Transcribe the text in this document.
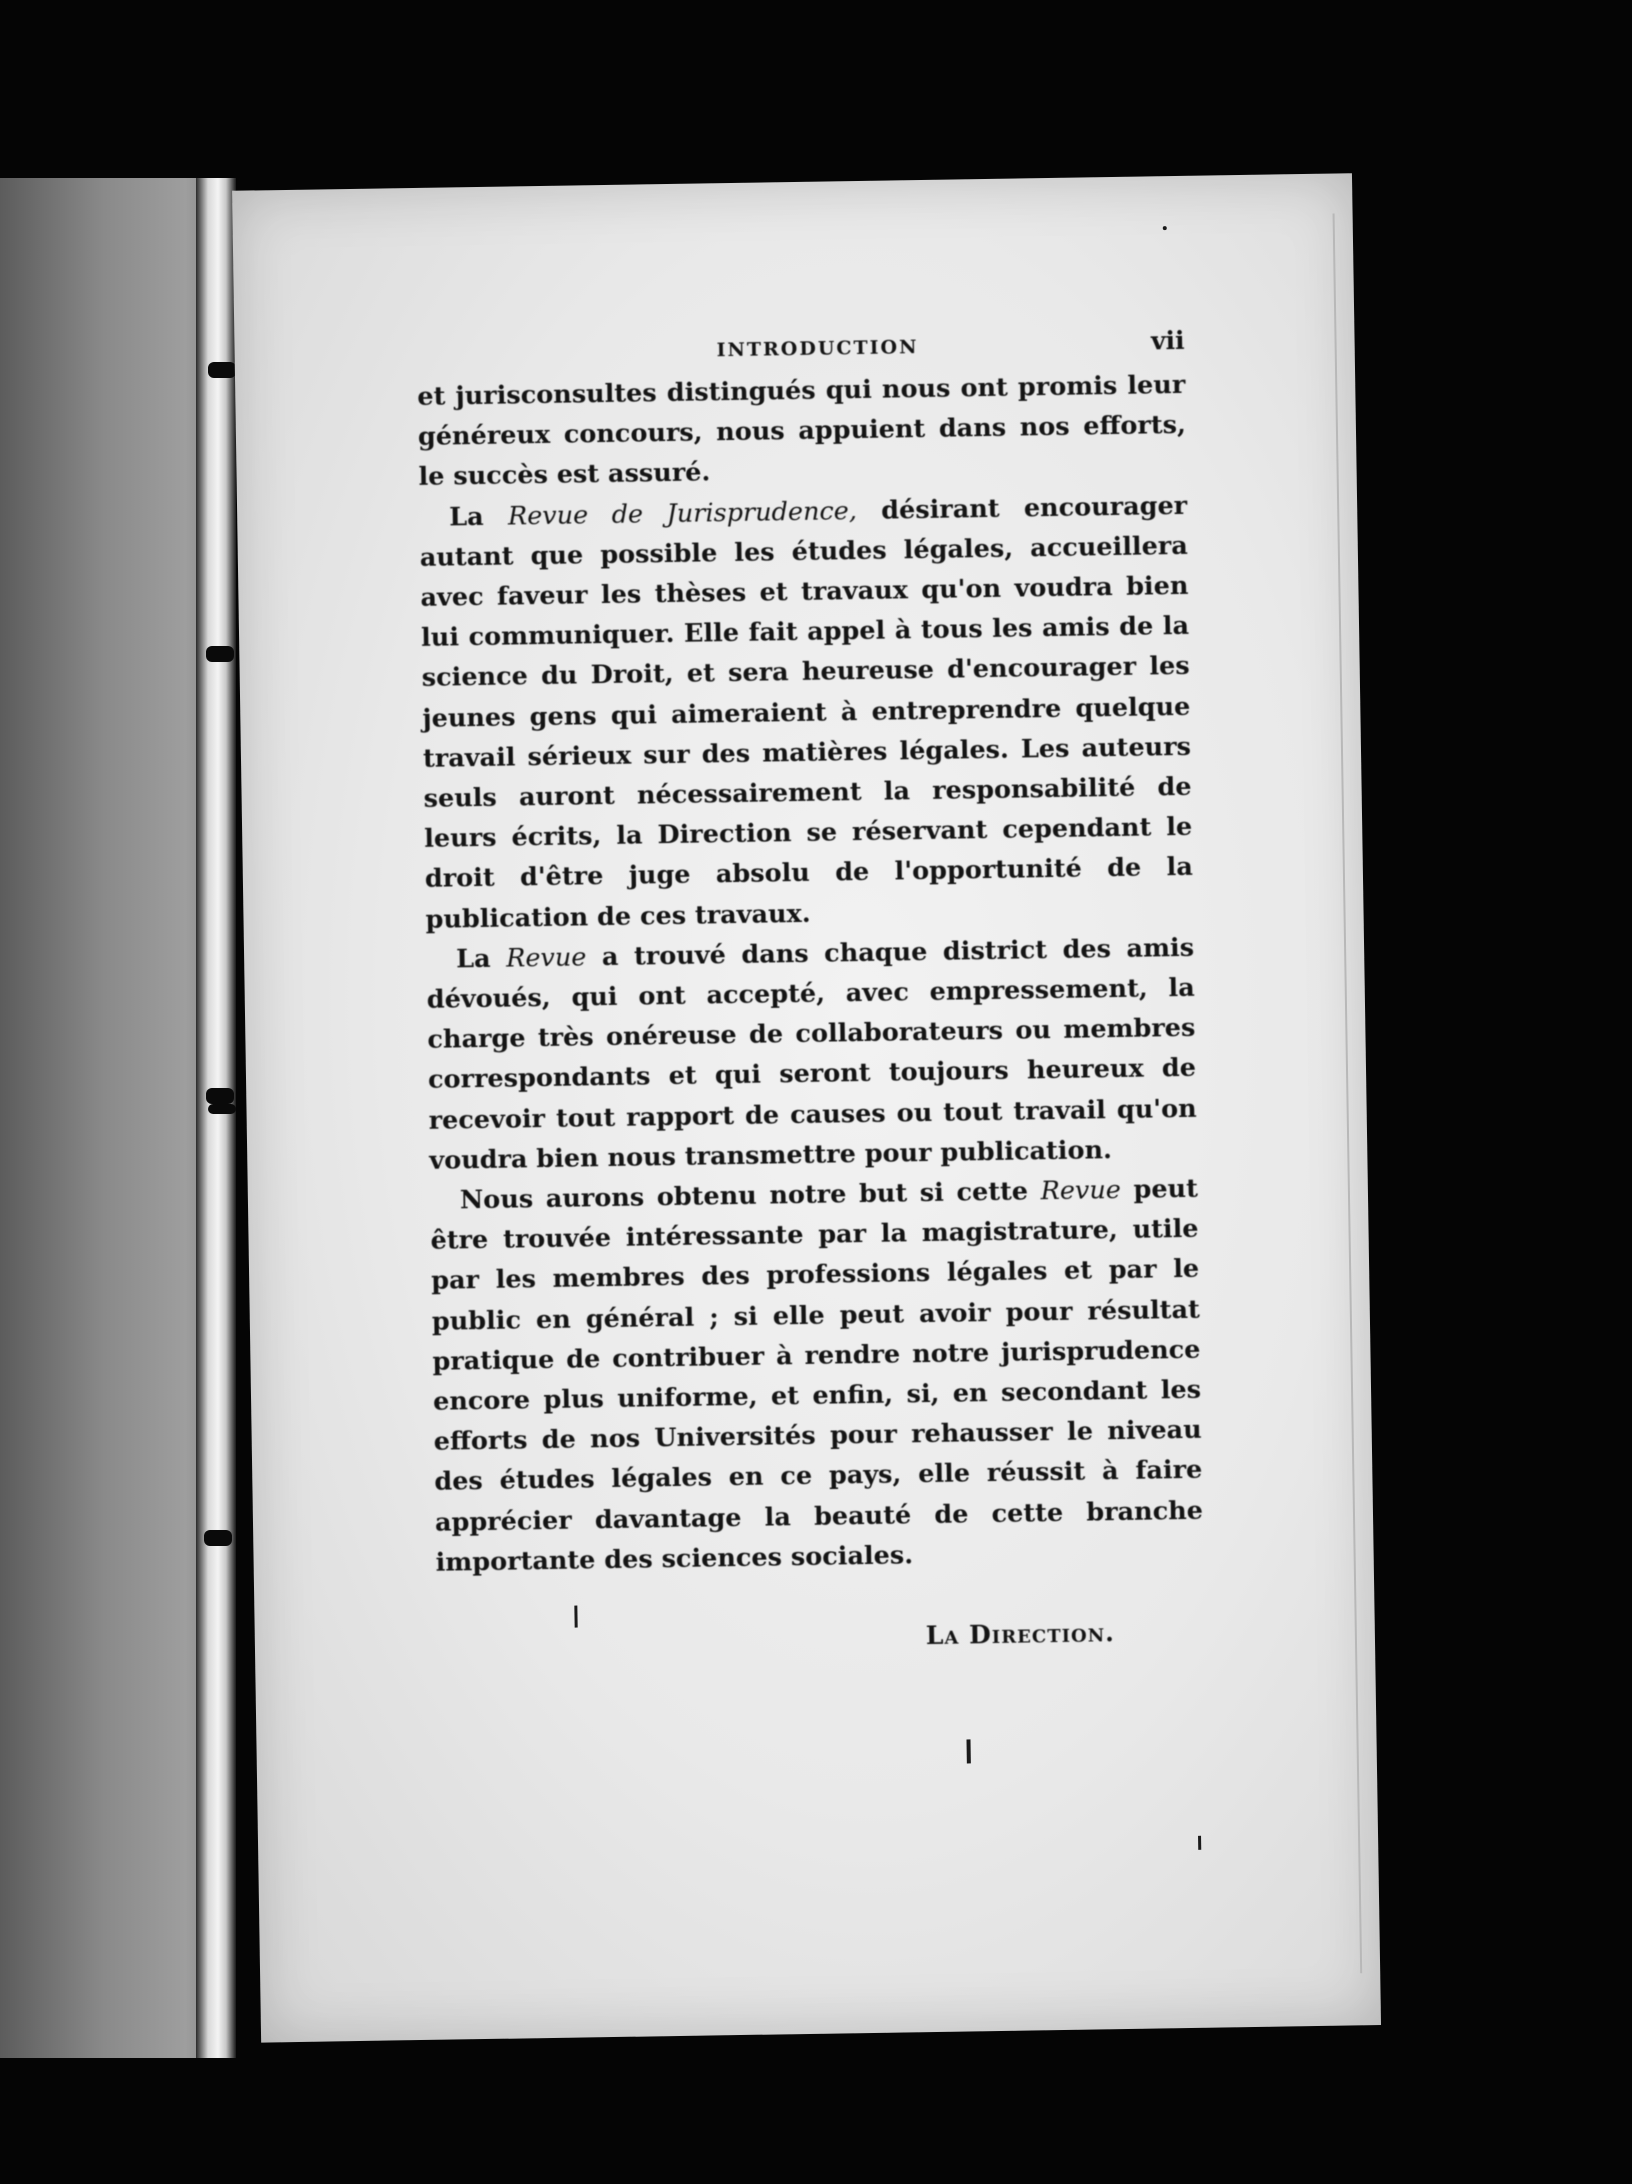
INTRODUCTION	vii

et jurisconsultes distingués qui nous ont promis leur généreux concours, nous appuient dans nos efforts, le succès est assuré.

La Revue de Jurisprudence, désirant encourager autant que possible les études légales, accueillera avec faveur les thèses et travaux qu'on voudra bien lui communiquer. Elle fait appel à tous les amis de la science du Droit, et sera heureuse d'encourager les jeunes gens qui aimeraient à entreprendre quelque travail sérieux sur des matières légales. Les auteurs seuls auront nécessairement la responsabilité de leurs écrits, la Direction se réservant cependant le droit d'être juge absolu de l'opportunité de la publication de ces travaux.

La Revue a trouvé dans chaque district des amis dévoués, qui ont accepté, avec empressement, la charge très onéreuse de collaborateurs ou membres correspondants et qui seront toujours heureux de recevoir tout rapport de causes ou tout travail qu'on voudra bien nous transmettre pour publication.

Nous aurons obtenu notre but si cette Revue peut être trouvée intéressante par la magistrature, utile par les membres des professions légales et par le public en général ; si elle peut avoir pour résultat pratique de contribuer à rendre notre jurisprudence encore plus uniforme, et enfin, si, en secondant les efforts de nos Universités pour rehausser le niveau des études légales en ce pays, elle réussit à faire apprécier davantage la beauté de cette branche importante des sciences sociales.

La Direction.
